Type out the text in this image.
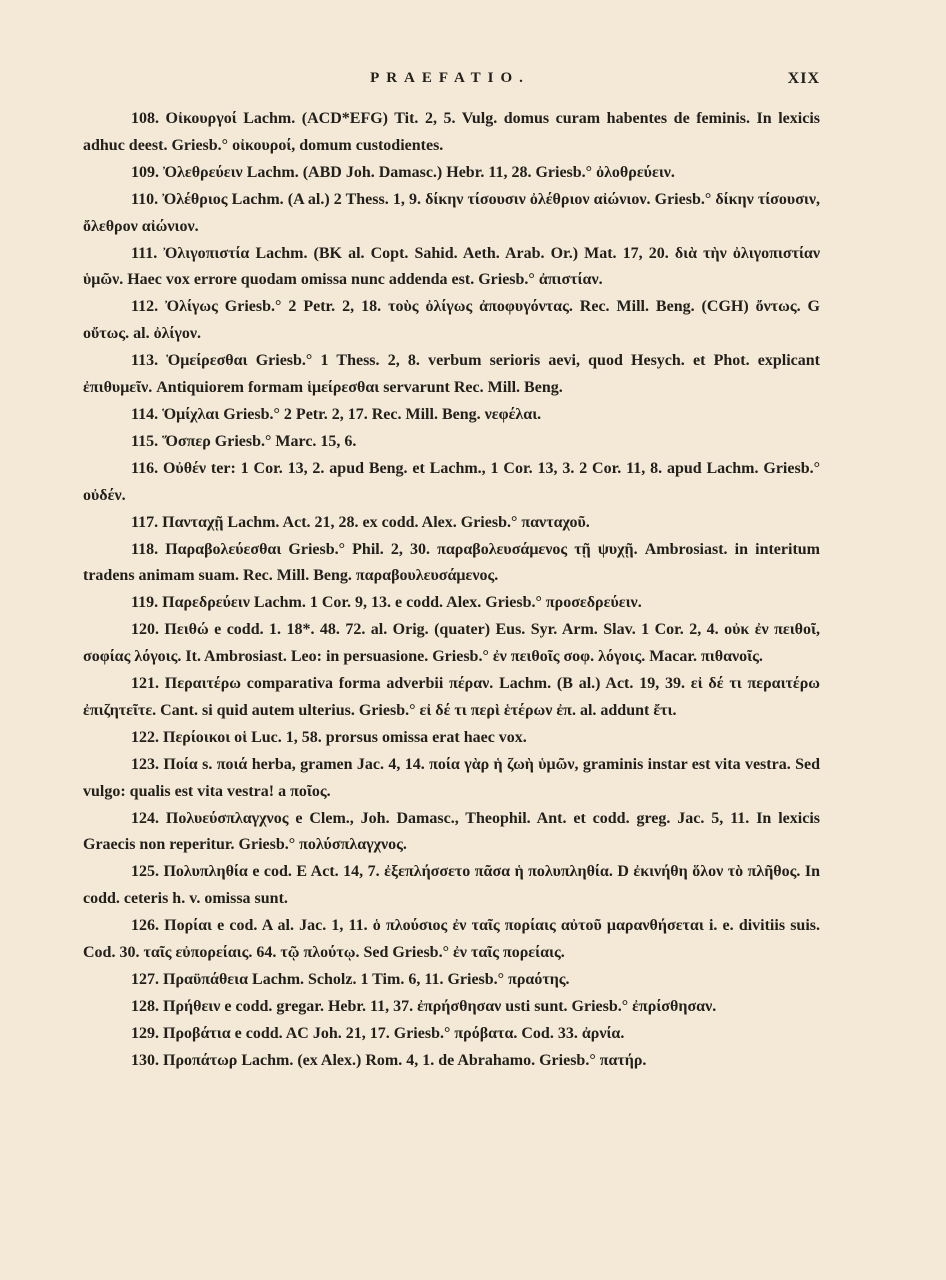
PRAEFATIO.	XIX

108. Οἰκουργοί Lachm. (ACD*EFG) Tit. 2, 5. Vulg. domus curam habentes de feminis. In lexicis adhuc deest. Griesb.° οἰκουροί, domum custodientes.

109. Ὀλεθρεύειν Lachm. (ABD Joh. Damasc.) Hebr. 11, 28. Griesb.° ὀλοθρεύειν.

110. Ὀλέθριος Lachm. (A al.) 2 Thess. 1, 9. δίκην τίσουσιν ὀλέθριον αἰώνιον. Griesb.° δίκην τίσουσιν, ὄλεθρον αἰώνιον.

111. Ὀλιγοπιστία Lachm. (BK al. Copt. Sahid. Aeth. Arab. Or.) Mat. 17, 20. διὰ τὴν ὀλιγοπιστίαν ὑμῶν. Haec vox errore quodam omissa nunc addenda est. Griesb.° ἀπιστίαν.

112. Ὀλίγως Griesb.° 2 Petr. 2, 18. τοὺς ὀλίγως ἀποφυγόντας. Rec. Mill. Beng. (CGH) ὄντως. G οὔτως. al. ὀλίγον.

113. Ὁμείρεσθαι Griesb.° 1 Thess. 2, 8. verbum serioris aevi, quod Hesych. et Phot. explicant ἐπιθυμεῖν. Antiquiorem formam ἱμείρεσθαι servarunt Rec. Mill. Beng.

114. Ὁμίχλαι Griesb.° 2 Petr. 2, 17. Rec. Mill. Beng. νεφέλαι.

115. Ὅσπερ Griesb.° Marc. 15, 6.

116. Οὐθέν ter: 1 Cor. 13, 2. apud Beng. et Lachm., 1 Cor. 13, 3. 2 Cor. 11, 8. apud Lachm. Griesb.° οὐδέν.

117. Πανταχῇ Lachm. Act. 21, 28. ex codd. Alex. Griesb.° πανταχοῦ.

118. Παραβολεύεσθαι Griesb.° Phil. 2, 30. παραβολευσάμενος τῇ ψυχῇ. Ambrosiast. in interitum tradens animam suam. Rec. Mill. Beng. παραβουλευσάμενος.

119. Παρεδρεύειν Lachm. 1 Cor. 9, 13. e codd. Alex. Griesb.° προσεδρεύειν.

120. Πειθώ e codd. 1. 18*. 48. 72. al. Orig. (quater) Eus. Syr. Arm. Slav. 1 Cor. 2, 4. οὐκ ἐν πειθοῖ, σοφίας λόγοις. It. Ambrosiast. Leo: in persuasione. Griesb.° ἐν πειθοῖς σοφ. λόγοις. Macar. πιθανοῖς.

121. Περαιτέρω comparativa forma adverbii πέραν. Lachm. (B al.) Act. 19, 39. εἰ δέ τι περαιτέρω ἐπιζητεῖτε. Cant. si quid autem ulterius. Griesb.° εἰ δέ τι περὶ ἑτέρων ἐπ. al. addunt ἔτι.

122. Περίοικοι οἱ Luc. 1, 58. prorsus omissa erat haec vox.

123. Ποία s. ποιά herba, gramen Jac. 4, 14. ποία γὰρ ἡ ζωὴ ὑμῶν, graminis instar est vita vestra. Sed vulgo: qualis est vita vestra! a ποῖος.

124. Πολυεύσπλαγχνος e Clem., Joh. Damasc., Theophil. Ant. et codd. greg. Jac. 5, 11. In lexicis Graecis non reperitur. Griesb.° πολύσπλαγχνος.

125. Πολυπληθία e cod. E Act. 14, 7. ἐξεπλήσσετο πᾶσα ἡ πολυπληθία. D ἐκινήθη ὅλον τὸ πλῆθος. In codd. ceteris h. v. omissa sunt.

126. Πορίαι e cod. A al. Jac. 1, 11. ὁ πλούσιος ἐν ταῖς πορίαις αὐτοῦ μαρανθήσεται i. e. divitiis suis. Cod. 30. ταῖς εὐπορείαις. 64. τῷ πλούτῳ. Sed Griesb.° ἐν ταῖς πορείαις.

127. Πραϋπάθεια Lachm. Scholz. 1 Tim. 6, 11. Griesb.° πραότης.

128. Πρήθειν e codd. gregar. Hebr. 11, 37. ἐπρήσθησαν usti sunt. Griesb.° ἐπρίσθησαν.

129. Προβάτια e codd. AC Joh. 21, 17. Griesb.° πρόβατα. Cod. 33. ἀρνία.

130. Προπάτωρ Lachm. (ex Alex.) Rom. 4, 1. de Abrahamo. Griesb.° πατήρ.
